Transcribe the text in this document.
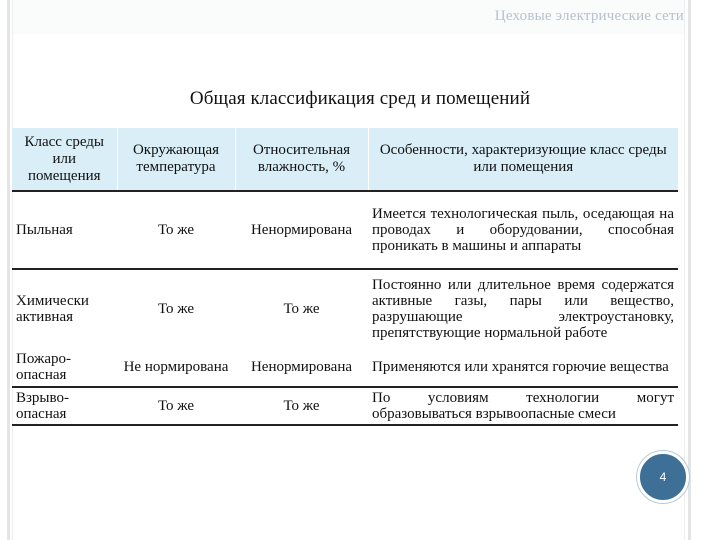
Цеховые электрические сети
Общая классификация сред и помещений
Класс среды или помещения	Окружающая температура	Относительная влажность, %	Особенности, характеризующие класс среды или помещения
Пыльная	То же	Ненормирована	Имеется технологическая пыль, оседающая на проводах и оборудовании, способная проникать в машины и аппараты
Химически активная	То же	То же	Постоянно или длительное время содержатся активные газы, пары или вещество, разрушающие электроустановку, препятствующие нормальной работе
Пожаро-опасная	Не нормирована	Ненормирована	Применяются или хранятся горючие вещества
Взрыво-опасная	То же	То же	По условиям технологии могут образовываться взрывоопасные смеси
4
